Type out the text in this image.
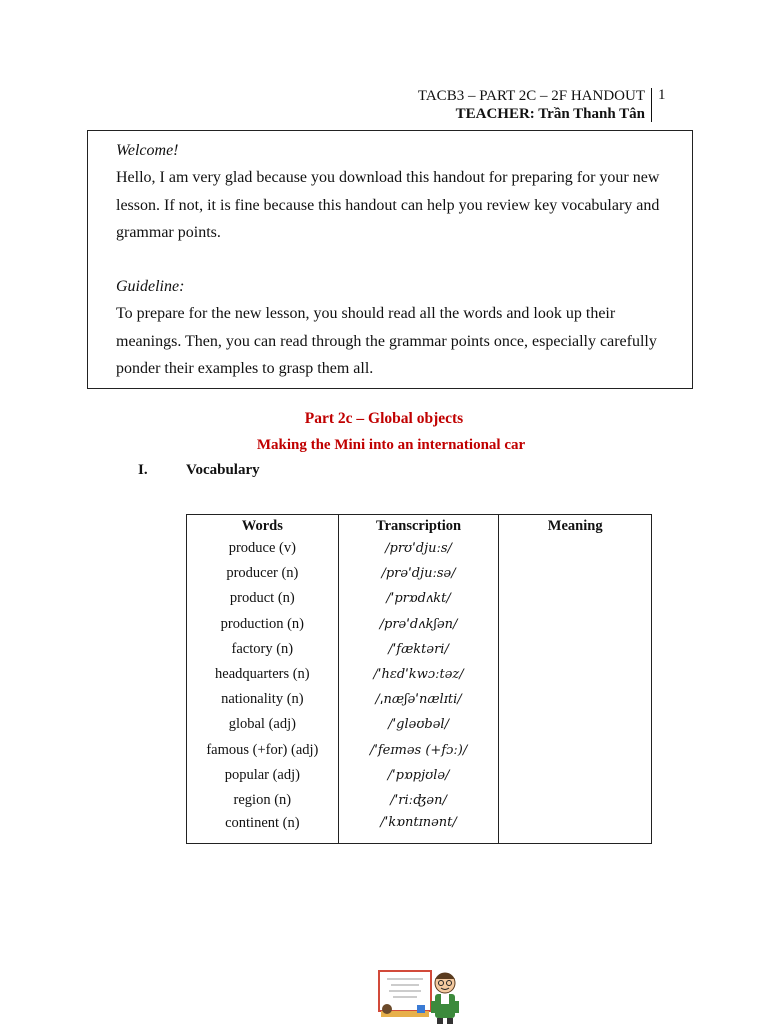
TACB3 – PART 2C – 2F HANDOUT
TEACHER: Trần Thanh Tân
1
Welcome!
Hello, I am very glad because you download this handout for preparing for your new lesson. If not, it is fine because this handout can help you review key vocabulary and grammar points.
Guideline:
To prepare for the new lesson, you should read all the words and look up their meanings. Then, you can read through the grammar points once, especially carefully ponder their examples to grasp them all.
Part 2c – Global objects
Making the Mini into an international car
I.	Vocabulary
Words	Transcription	Meaning
produce (v)	/prʊˈdjuːs/	
producer (n)	/prəˈdjuːsə/	
product (n)	/ˈprɒdʌkt/	
production (n)	/prəˈdʌkʃən/	
factory (n)	/ˈfæktəri/	
headquarters (n)	/ˈhɛdˈkwɔːtəz/	
nationality (n)	/ˌnæʃəˈnælɪti/	
global (adj)	/ˈgləʊbəl/	
famous (+for) (adj)	/ˈfeɪməs (+fɔː)/	
popular (adj)	/ˈpɒpjʊlə/	
region (n)	/ˈriːʤən/	
continent (n)	/ˈkɒntɪnənt/	
